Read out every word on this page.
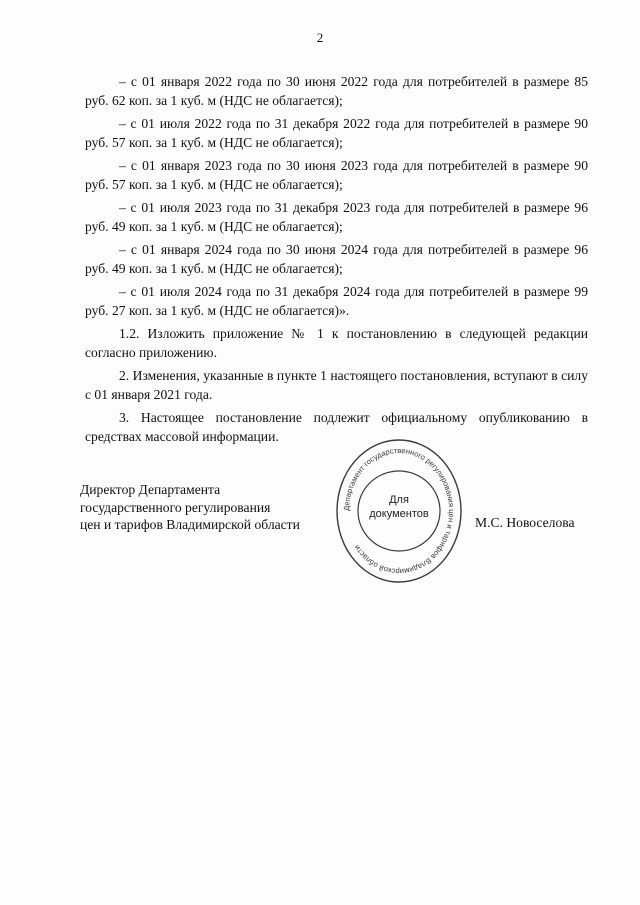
2

– с 01 января 2022 года по 30 июня 2022 года для потребителей в размере 85 руб. 62 коп. за 1 куб. м (НДС не облагается);

– с 01 июля 2022 года по 31 декабря 2022 года для потребителей в размере 90 руб. 57 коп. за 1 куб. м (НДС не облагается);

– с 01 января 2023 года по 30 июня 2023 года для потребителей в размере 90 руб. 57 коп. за 1 куб. м (НДС не облагается);

– с 01 июля 2023 года по 31 декабря 2023 года для потребителей в размере 96 руб. 49 коп. за 1 куб. м (НДС не облагается);

– с 01 января 2024 года по 30 июня 2024 года для потребителей в размере 96 руб. 49 коп. за 1 куб. м (НДС не облагается);

– с 01 июля 2024 года по 31 декабря 2024 года для потребителей в размере 99 руб. 27 коп. за 1 куб. м (НДС не облагается)».

1.2. Изложить приложение № 1 к постановлению в следующей редакции согласно приложению.

2. Изменения, указанные в пункте 1 настоящего постановления, вступают в силу с 01 января 2021 года.

3. Настоящее постановление подлежит официальному опубликованию в средствах массовой информации.

Директор Департамента
государственного регулирования
цен и тарифов Владимирской области
Департамент государственного регулирования цен и тарифов Владимирской области
Для
документов
М.С. Новоселова
